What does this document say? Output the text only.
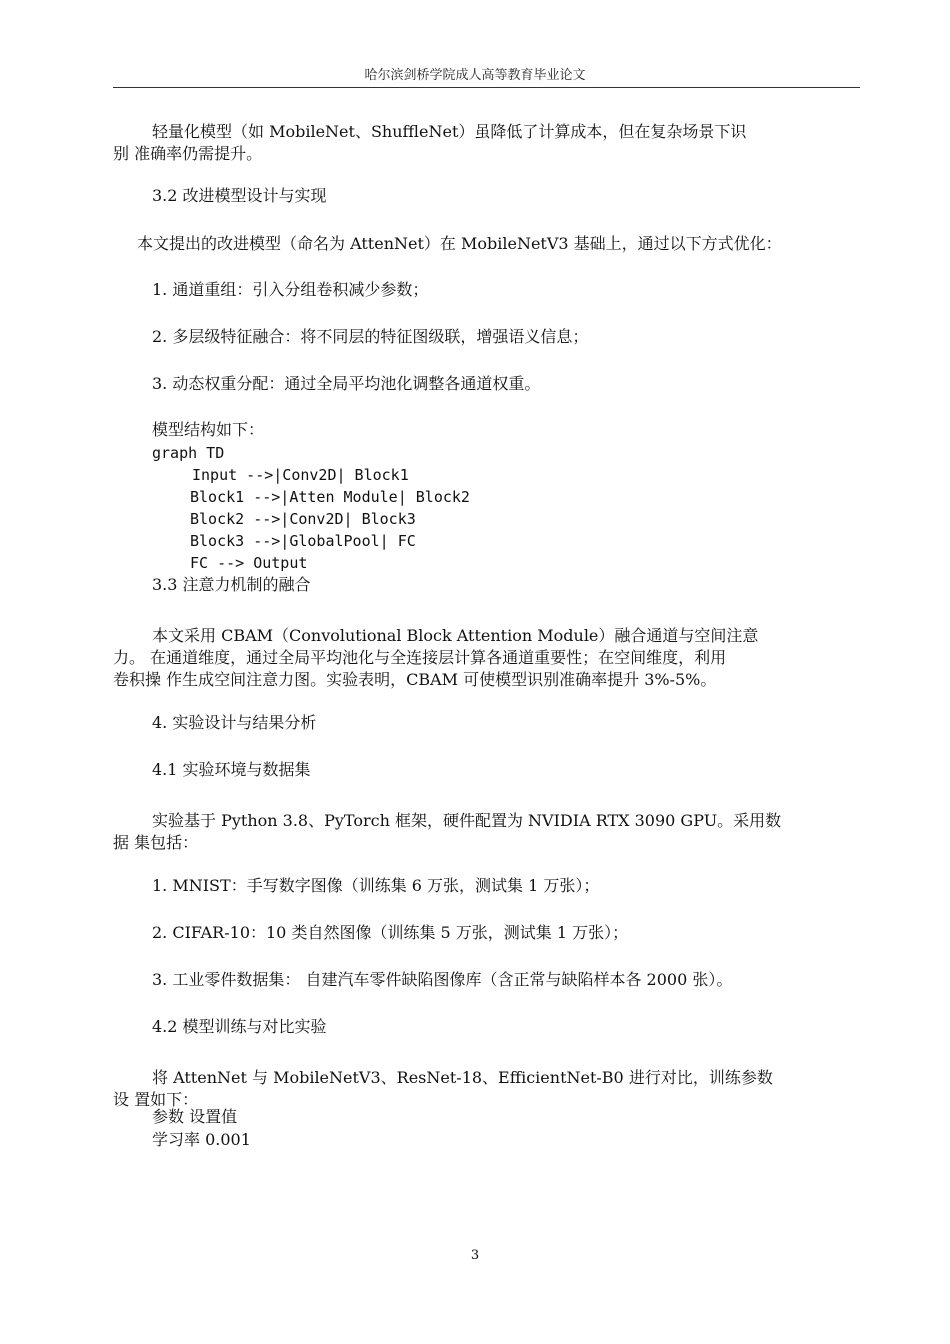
哈尔滨剑桥学院成人高等教育毕业论文
轻量化模型（如 MobileNet、ShuffleNet）虽降低了计算成本，但在复杂场景下识
别 准确率仍需提升。
3.2 改进模型设计与实现
本文提出的改进模型（命名为 AttenNet）在 MobileNetV3 基础上，通过以下方式优化：
1. 通道重组：引入分组卷积减少参数；
2. 多层级特征融合：将不同层的特征图级联，增强语义信息；
3. 动态权重分配：通过全局平均池化调整各通道权重。
模型结构如下：
graph TD
Input -->|Conv2D| Block1
Block1 -->|Atten Module| Block2
Block2 -->|Conv2D| Block3
Block3 -->|GlobalPool| FC
FC --> Output
3.3 注意力机制的融合
本文采用 CBAM（Convolutional Block Attention Module）融合通道与空间注意
力。 在通道维度，通过全局平均池化与全连接层计算各通道重要性；在空间维度，利用
卷积操 作生成空间注意力图。实验表明，CBAM 可使模型识别准确率提升 3%-5%。
4. 实验设计与结果分析
4.1 实验环境与数据集
实验基于 Python 3.8、PyTorch 框架，硬件配置为 NVIDIA RTX 3090 GPU。采用数
据 集包括：
1. MNIST：手写数字图像（训练集 6 万张，测试集 1 万张）；
2. CIFAR-10：10 类自然图像（训练集 5 万张，测试集 1 万张）；
3. 工业零件数据集： 自建汽车零件缺陷图像库（含正常与缺陷样本各 2000 张）。
4.2 模型训练与对比实验
将 AttenNet 与 MobileNetV3、ResNet-18、EfficientNet-B0 进行对比，训练参数
设 置如下：
参数 设置值
学习率 0.001
3
